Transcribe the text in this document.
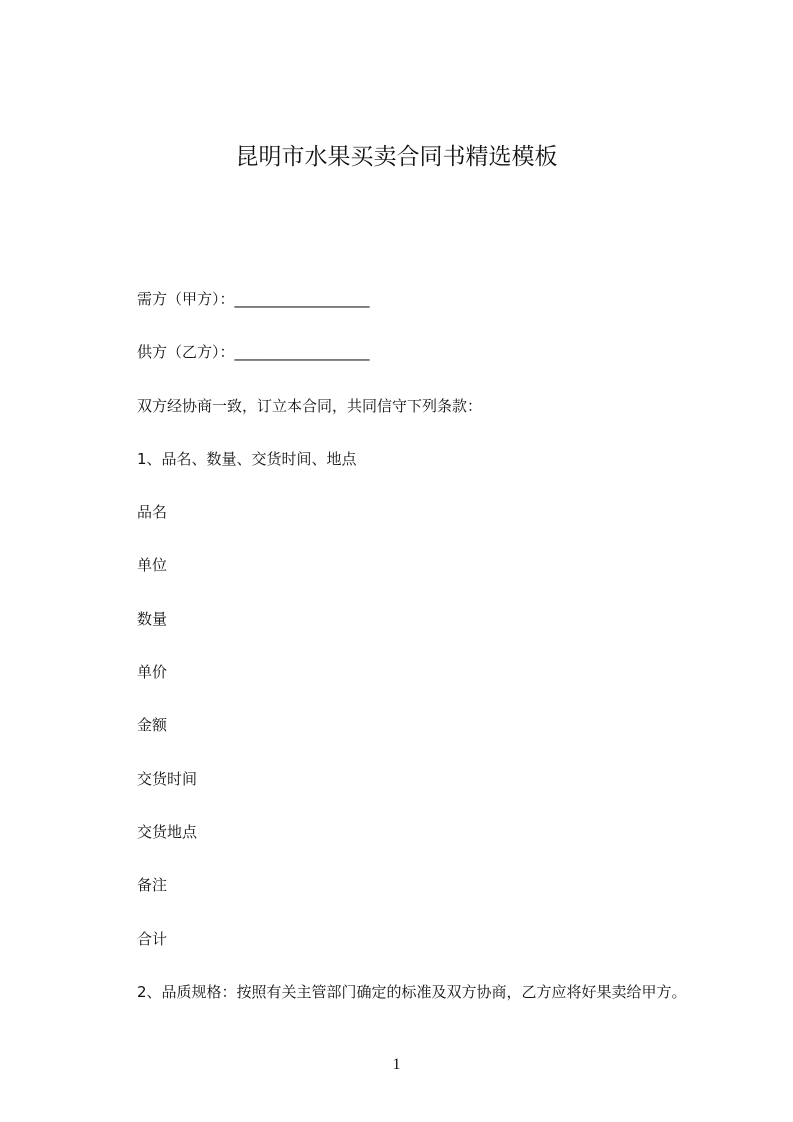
昆明市水果买卖合同书精选模板

需方（甲方）：__________________

供方（乙方）：__________________

双方经协商一致，订立本合同，共同信守下列条款：

1、品名、数量、交货时间、地点

品名

单位

数量

单价

金额

交货时间

交货地点

备注

合计

2、品质规格：按照有关主管部门确定的标准及双方协商，乙方应将好果卖给甲方。

1
